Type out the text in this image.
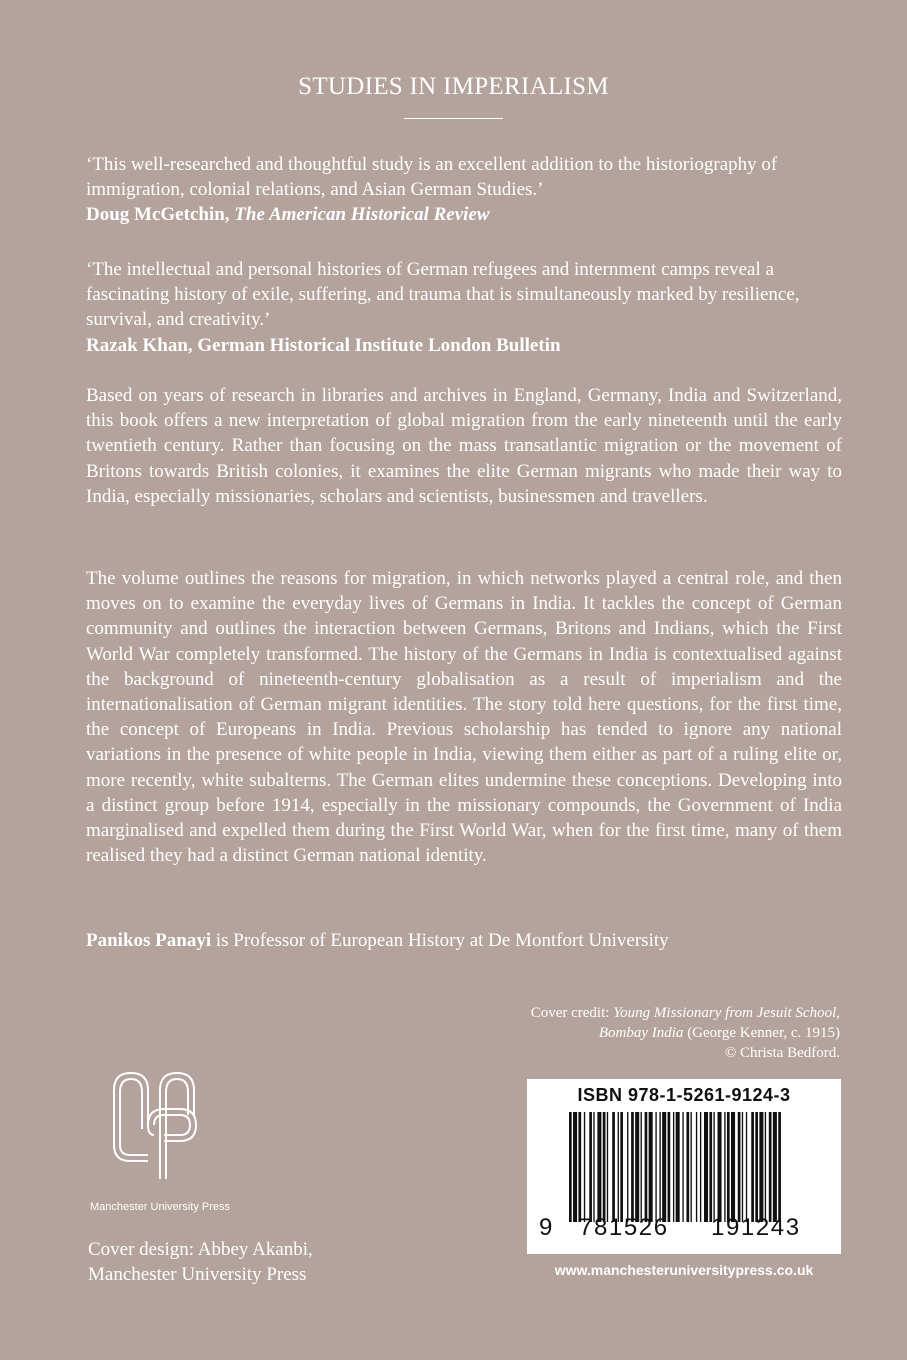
STUDIES IN IMPERIALISM
‘This well-researched and thoughtful study is an excellent addition to the historiography of immigration, colonial relations, and Asian German Studies.’
Doug McGetchin, The American Historical Review
‘The intellectual and personal histories of German refugees and internment camps reveal a fascinating history of exile, suffering, and trauma that is simultaneously marked by resilience, survival, and creativity.’
Razak Khan, German Historical Institute London Bulletin
Based on years of research in libraries and archives in England, Germany, India and Switzerland, this book offers a new interpretation of global migration from the early nineteenth until the early twentieth century. Rather than focusing on the mass transatlantic migration or the movement of Britons towards British colonies, it examines the elite German migrants who made their way to India, especially missionaries, scholars and scientists, businessmen and travellers.
The volume outlines the reasons for migration, in which networks played a central role, and then moves on to examine the everyday lives of Germans in India. It tackles the concept of German community and outlines the interaction between Germans, Britons and Indians, which the First World War completely transformed. The history of the Germans in India is contextualised against the background of nineteenth-century globalisation as a result of imperialism and the internationalisation of German migrant identities. The story told here questions, for the first time, the concept of Europeans in India. Previous scholarship has tended to ignore any national variations in the presence of white people in India, viewing them either as part of a ruling elite or, more recently, white subalterns. The German elites undermine these conceptions. Developing into a distinct group before 1914, especially in the missionary compounds, the Government of India marginalised and expelled them during the First World War, when for the first time, many of them realised they had a distinct German national identity.
Panikos Panayi is Professor of European History at De Montfort University
Cover credit: Young Missionary from Jesuit School,
Bombay India (George Kenner, c. 1915)
© Christa Bedford.
Manchester University Press
Cover design: Abbey Akanbi,
Manchester University Press
ISBN 978-1-5261-9124-3
9 781526 191243
www.manchesteruniversitypress.co.uk
